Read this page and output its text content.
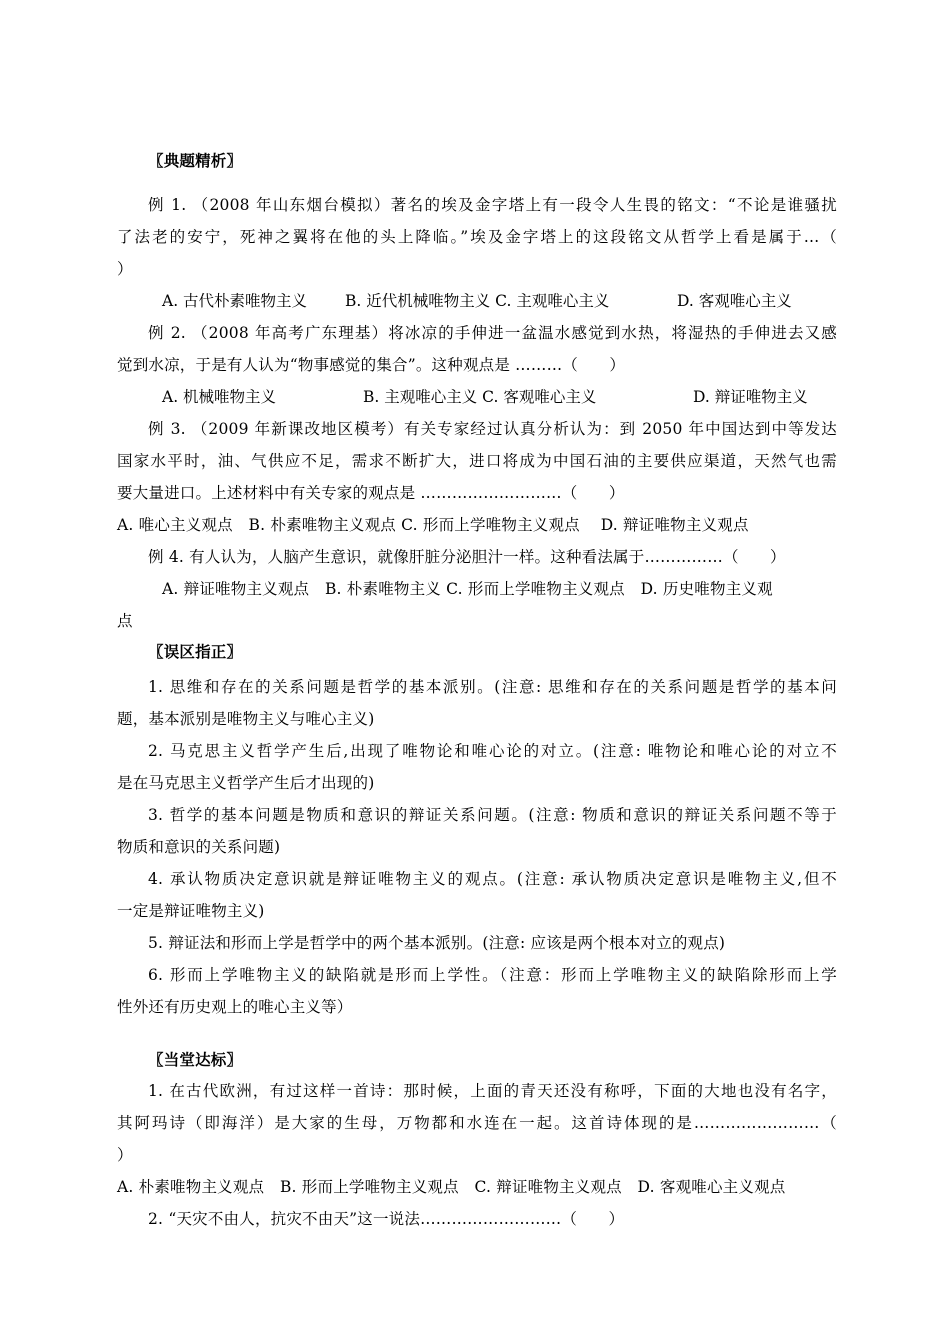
〖典题精析〗
例 1. （2008 年山东烟台模拟）著名的埃及金字塔上有一段令人生畏的铭文：“不论是谁骚扰
了法老的安宁，死神之翼将在他的头上降临。”埃及金字塔上的这段铭文从哲学上看是属于…（
）
A. 古代朴素唯物主义 B. 近代机械唯物主义 C. 主观唯心主义	D. 客观唯心主义
例 2. （2008 年高考广东理基）将冰凉的手伸进一盆温水感觉到水热，将湿热的手伸进去又感
觉到水凉，于是有人认为“物事感觉的集合”。这种观点是 ………（　　）
A. 机械唯物主义	B. 主观唯心主义 C. 客观唯心主义	D. 辩证唯物主义
例 3. （2009 年新课改地区模考）有关专家经过认真分析认为：到 2050 年中国达到中等发达
国家水平时，油、气供应不足，需求不断扩大，进口将成为中国石油的主要供应渠道，天然气也需
要大量进口。上述材料中有关专家的观点是 ………………………（　　）
A. 唯心主义观点　B. 朴素唯物主义观点 C. 形而上学唯物主义观点　 D. 辩证唯物主义观点
例 4. 有人认为，人脑产生意识，就像肝脏分泌胆汁一样。这种看法属于……………（　　）
A. 辩证唯物主义观点　B. 朴素唯物主义 C. 形而上学唯物主义观点　D. 历史唯物主义观
点
〖误区指正〗
1. 思维和存在的关系问题是哲学的基本派别。(注意: 思维和存在的关系问题是哲学的基本问
题，基本派别是唯物主义与唯心主义)
2. 马克思主义哲学产生后,出现了唯物论和唯心论的对立。(注意: 唯物论和唯心论的对立不
是在马克思主义哲学产生后才出现的)
3. 哲学的基本问题是物质和意识的辩证关系问题。(注意: 物质和意识的辩证关系问题不等于
物质和意识的关系问题)
4. 承认物质决定意识就是辩证唯物主义的观点。(注意: 承认物质决定意识是唯物主义,但不
一定是辩证唯物主义)
5. 辩证法和形而上学是哲学中的两个基本派别。(注意: 应该是两个根本对立的观点)
6. 形而上学唯物主义的缺陷就是形而上学性。（注意：形而上学唯物主义的缺陷除形而上学
性外还有历史观上的唯心主义等）
〖当堂达标〗
1. 在古代欧洲，有过这样一首诗：那时候，上面的青天还没有称呼，下面的大地也没有名字，
其阿玛诗（即海洋）是大家的生母，万物都和水连在一起。这首诗体现的是……………………（
）
A. 朴素唯物主义观点　B. 形而上学唯物主义观点　C. 辩证唯物主义观点　D. 客观唯心主义观点
2. “天灾不由人，抗灾不由天”这一说法………………………（　　）
